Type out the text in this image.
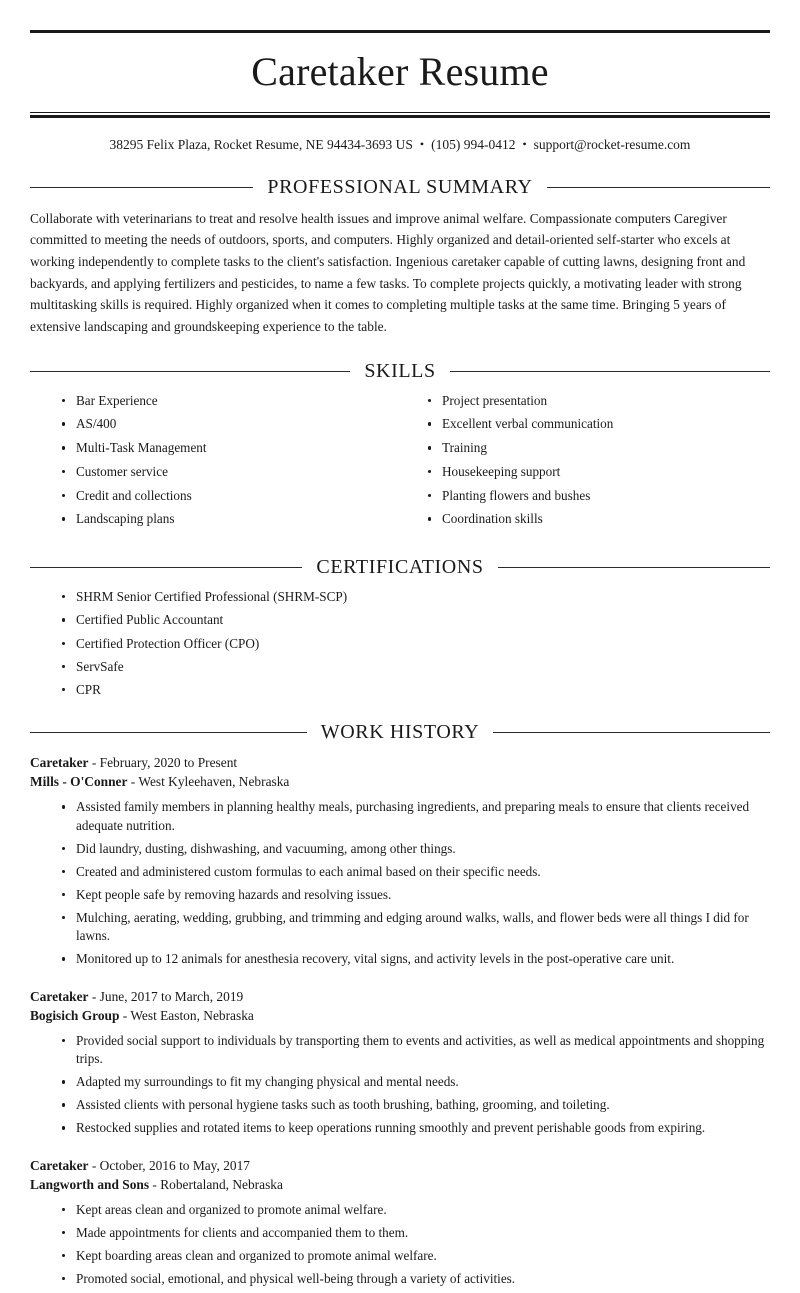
Caretaker Resume
38295 Felix Plaza, Rocket Resume, NE 94434-3693 US • (105) 994-0412 • support@rocket-resume.com
PROFESSIONAL SUMMARY

Collaborate with veterinarians to treat and resolve health issues and improve animal welfare. Compassionate computers Caregiver committed to meeting the needs of outdoors, sports, and computers. Highly organized and detail-oriented self-starter who excels at working independently to complete tasks to the client's satisfaction. Ingenious caretaker capable of cutting lawns, designing front and backyards, and applying fertilizers and pesticides, to name a few tasks. To complete projects quickly, a motivating leader with strong multitasking skills is required. Highly organized when it comes to completing multiple tasks at the same time. Bringing 5 years of extensive landscaping and groundskeeping experience to the table.

SKILLS
Bar Experience
AS/400
Multi-Task Management
Customer service
Credit and collections
Landscaping plans
Project presentation
Excellent verbal communication
Training
Housekeeping support
Planting flowers and bushes
Coordination skills
CERTIFICATIONS
SHRM Senior Certified Professional (SHRM-SCP)
Certified Public Accountant
Certified Protection Officer (CPO)
ServSafe
CPR
WORK HISTORY
Caretaker - February, 2020 to Present
Mills - O'Conner - West Kyleehaven, Nebraska
Assisted family members in planning healthy meals, purchasing ingredients, and preparing meals to ensure that clients received adequate nutrition.
Did laundry, dusting, dishwashing, and vacuuming, among other things.
Created and administered custom formulas to each animal based on their specific needs.
Kept people safe by removing hazards and resolving issues.
Mulching, aerating, wedding, grubbing, and trimming and edging around walks, walls, and flower beds were all things I did for lawns.
Monitored up to 12 animals for anesthesia recovery, vital signs, and activity levels in the post-operative care unit.
Caretaker - June, 2017 to March, 2019
Bogisich Group - West Easton, Nebraska
Provided social support to individuals by transporting them to events and activities, as well as medical appointments and shopping trips.
Adapted my surroundings to fit my changing physical and mental needs.
Assisted clients with personal hygiene tasks such as tooth brushing, bathing, grooming, and toileting.
Restocked supplies and rotated items to keep operations running smoothly and prevent perishable goods from expiring.
Caretaker - October, 2016 to May, 2017
Langworth and Sons - Robertaland, Nebraska
Kept areas clean and organized to promote animal welfare.
Made appointments for clients and accompanied them to them.
Kept boarding areas clean and organized to promote animal welfare.
Promoted social, emotional, and physical well-being through a variety of activities.
